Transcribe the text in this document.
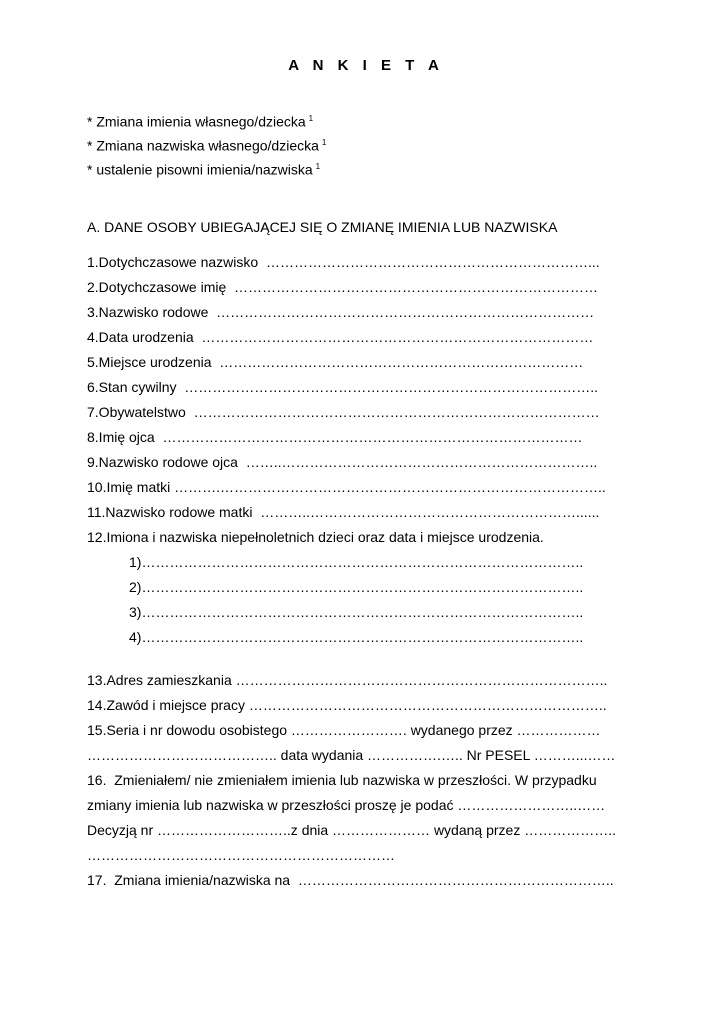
A N K I E T A
* Zmiana imienia własnego/dziecka $^1$
* Zmiana nazwiska własnego/dziecka $^1$
* ustalenie pisowni imienia/nazwiska $^1$
A. DANE OSOBY UBIEGAJĄCEJ SIĘ O ZMIANĘ IMIENIA LUB NAZWISKA
1.Dotychczasowe nazwisko  ……………………………………………………………...
2.Dotychczasowe imię  ……………………………………………………………………
3.Nazwisko rodowe  ………………………………………………………………………
4.Data urodzenia  …………………………………………………………………………
5.Miejsce urodzenia  ……………………………………………………………………
6.Stan cywilny  ……………………………………………………………………………..
7.Obywatelstwo  ……………………………………………………………………………
8.Imię ojca  ………………………………………………………………………………
9.Nazwisko rodowe ojca  ……..…………………………………………………………..
10.Imię matki ……….………………………………………………………………………..
11.Nazwisko rodowe matki  ………..…………………………………………………......
12.Imiona i nazwiska niepełnoletnich dzieci oraz data i miejsce urodzenia.
1)…………………………………………………………………………………..
2)…………………………………………………………………………………..
3)…………………………………………………………………………………..
4)…………………………………………………………………………………..
13.Adres zamieszkania ……………………………………………………………………..
14.Zawód i miejsce pracy …………………………………………………………………..
15.Seria i nr dowodu osobistego ……………………. wydanego przez ………………
………………………………….. data wydania …………….….. Nr PESEL ………...……
16.  Zmieniałem/ nie zmieniałem imienia lub nazwiska w przeszłości. W przypadku
zmiany imienia lub nazwiska w przeszłości proszę je podać ……………………..……
Decyzją nr ………………………..z dnia ………………… wydaną przez ………………..
…………………………………………………………
17.  Zmiana imienia/nazwiska na  …………………………………………………………..
